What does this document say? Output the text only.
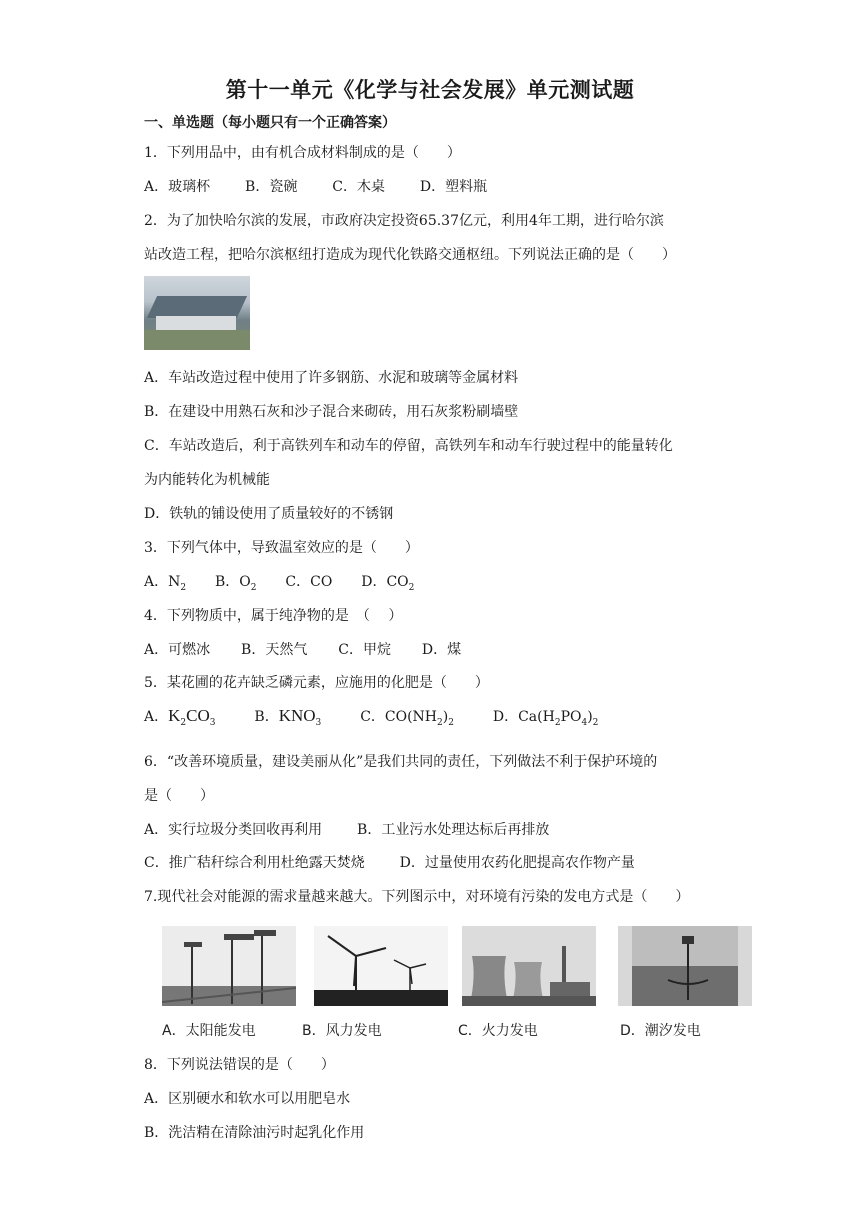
第十一单元《化学与社会发展》单元测试题
一、单选题（每小题只有一个正确答案）
1．下列用品中，由有机合成材料制成的是（　　）
A．玻璃杯 B．瓷碗 C．木桌 D．塑料瓶
2．为了加快哈尔滨的发展，市政府决定投资65.37亿元，利用4年工期，进行哈尔滨
站改造工程，把哈尔滨枢纽打造成为现代化铁路交通枢纽。下列说法正确的是（　　）
A．车站改造过程中使用了许多钢筋、水泥和玻璃等金属材料
B．在建设中用熟石灰和沙子混合来砌砖，用石灰浆粉刷墙壁
C．车站改造后，利于高铁列车和动车的停留，高铁列车和动车行驶过程中的能量转化
为内能转化为机械能
D．铁轨的铺设使用了质量较好的不锈钢
3．下列气体中，导致温室效应的是（　　）
A．$N_2$ B．$O_2$ C．CO D．$CO_2$
4．下列物质中，属于纯净物的是　（　 ）
A．可燃冰 B．天然气 C．甲烷 D．煤
5．某花圃的花卉缺乏磷元素，应施用的化肥是（　　）
A．$K_2CO_3$	B．$KNO_3$	C．$CO(NH_2)_2$	D．$Ca(H_2PO_4)_2$
6．“改善环境质量，建设美丽从化”是我们共同的责任，下列做法不利于保护环境的
是（　　）
A．实行垃圾分类回收再利用 B．工业污水处理达标后再排放
C．推广秸秆综合利用杜绝露天焚烧 D．过量使用农药化肥提高农作物产量
7.现代社会对能源的需求量越来越大。下列图示中，对环境有污染的发电方式是（　　）
A．太阳能发电	B．风力发电	C．火力发电	D．潮汐发电
8．下列说法错误的是（　　）
A．区别硬水和软水可以用肥皂水
B．洗洁精在清除油污时起乳化作用
